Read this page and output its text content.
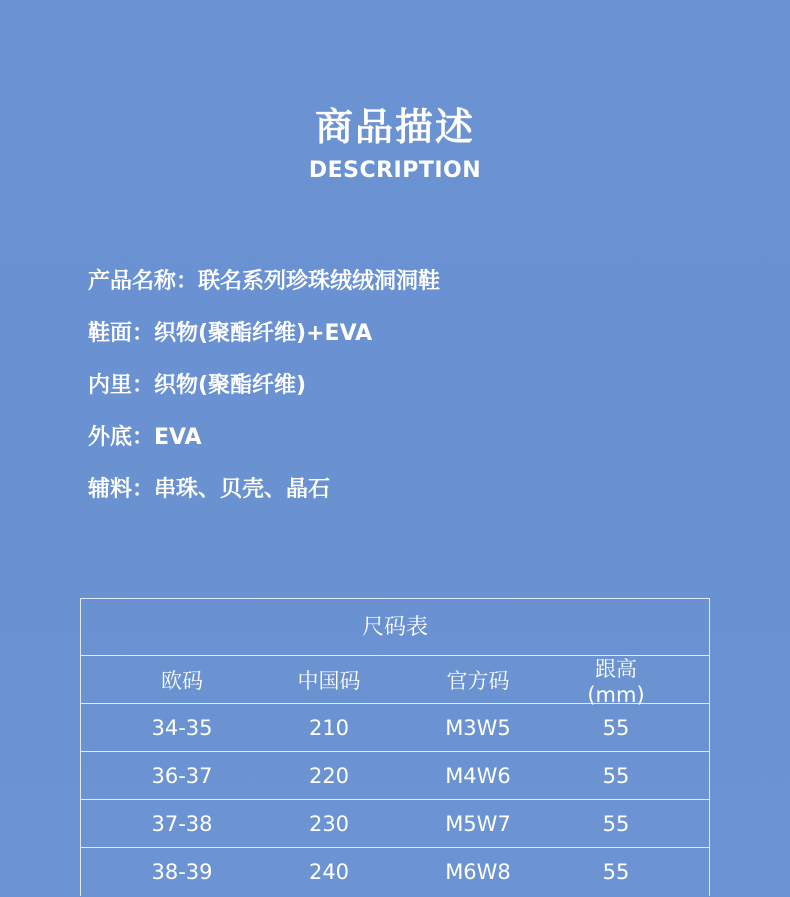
商品描述
DESCRIPTION
产品名称：联名系列珍珠绒绒洞洞鞋
鞋面：织物(聚酯纤维)+EVA
内里：织物(聚酯纤维)
外底：EVA
辅料：串珠、贝壳、晶石
尺码表
欧码	中国码	官方码	跟高(mm)
34-35	210	M3W5	55
36-37	220	M4W6	55
37-38	230	M5W7	55
38-39	240	M6W8	55
